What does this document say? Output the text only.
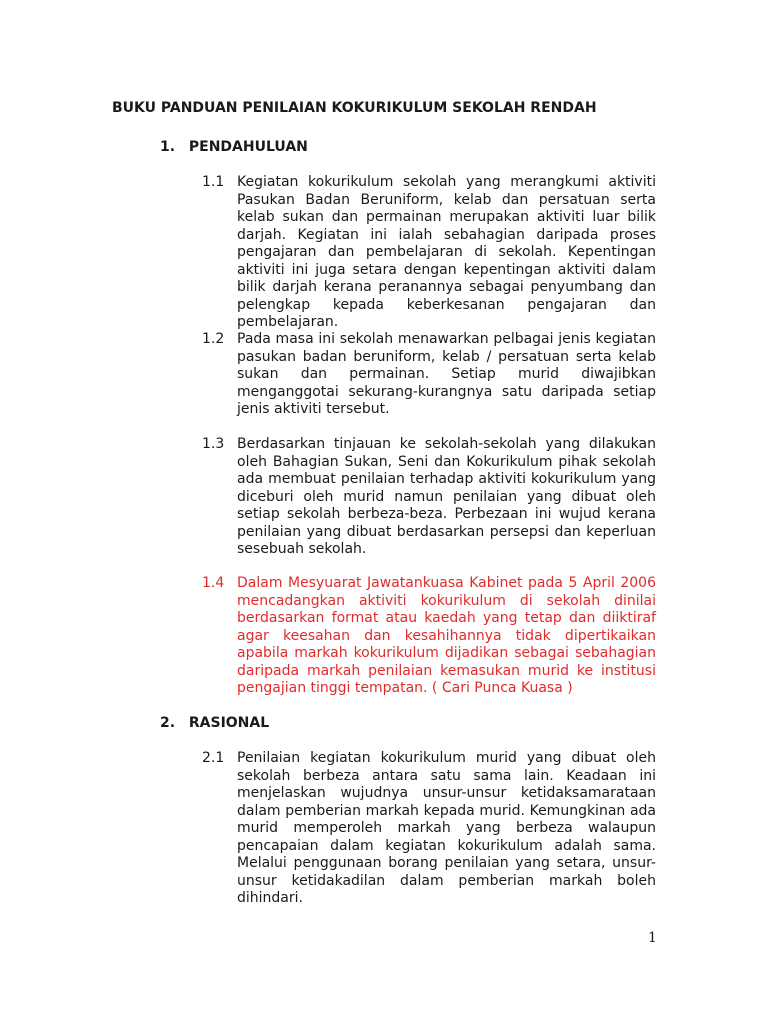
BUKU PANDUAN PENILAIAN KOKURIKULUM SEKOLAH RENDAH
1. PENDAHULUAN
1.1 Kegiatan kokurikulum sekolah yang merangkumi aktiviti Pasukan Badan Beruniform, kelab dan persatuan serta kelab sukan dan permainan merupakan aktiviti luar bilik darjah. Kegiatan ini ialah sebahagian daripada proses pengajaran dan pembelajaran di sekolah. Kepentingan aktiviti ini juga setara dengan kepentingan aktiviti dalam bilik darjah kerana peranannya sebagai penyumbang dan pelengkap kepada keberkesanan pengajaran dan pembelajaran.
1.2 Pada masa ini sekolah menawarkan pelbagai jenis kegiatan pasukan badan beruniform, kelab / persatuan serta kelab sukan dan permainan. Setiap murid diwajibkan menganggotai sekurang-kurangnya satu daripada setiap jenis aktiviti tersebut.
1.3 Berdasarkan tinjauan ke sekolah-sekolah yang dilakukan oleh Bahagian Sukan, Seni dan Kokurikulum pihak sekolah ada membuat penilaian terhadap aktiviti kokurikulum yang diceburi oleh murid namun penilaian yang dibuat oleh setiap sekolah berbeza-beza. Perbezaan ini wujud kerana penilaian yang dibuat berdasarkan persepsi dan keperluan sesebuah sekolah.
1.4 Dalam Mesyuarat Jawatankuasa Kabinet pada 5 April 2006 mencadangkan aktiviti kokurikulum di sekolah dinilai berdasarkan format atau kaedah yang tetap dan diiktiraf agar keesahan dan kesahihannya tidak dipertikaikan apabila markah kokurikulum dijadikan sebagai sebahagian daripada markah penilaian kemasukan murid ke institusi pengajian tinggi tempatan. ( Cari Punca Kuasa )
2. RASIONAL
2.1 Penilaian kegiatan kokurikulum murid yang dibuat oleh sekolah berbeza antara satu sama lain. Keadaan ini menjelaskan wujudnya unsur-unsur ketidaksamarataan dalam pemberian markah kepada murid. Kemungkinan ada murid memperoleh markah yang berbeza walaupun pencapaian dalam kegiatan kokurikulum adalah sama. Melalui penggunaan borang penilaian yang setara, unsur-unsur ketidakadilan dalam pemberian markah boleh dihindari.
1
